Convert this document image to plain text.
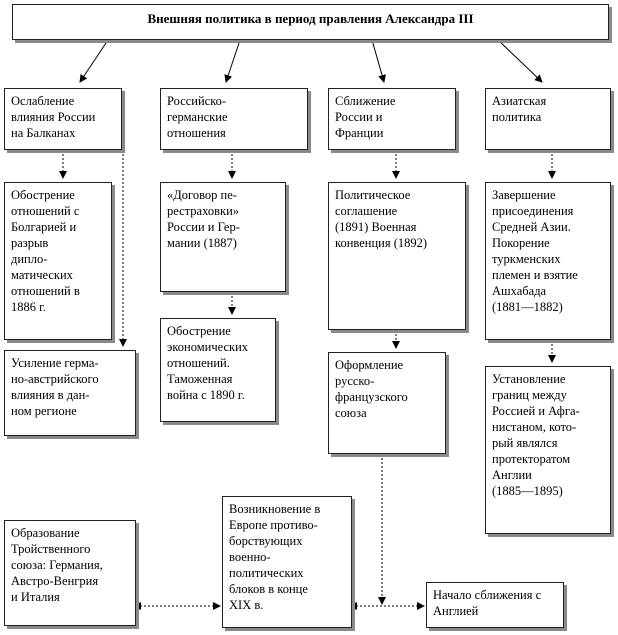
Внешняя политика в период правления Александра III
Ослабление
влияния России
на Балканах
Российско-
германские
отношения
Сближение
России и
Франции
Азиатская
политика
Обострение
отношений с
Болгарией и
разрыв
дипло-
матических
отношений в
1886 г.
«Договор пе-
рестраховки»
России и Гер-
мании (1887)
Политическое
соглашение
(1891) Военная
конвенция (1892)
Завершение
присоединения
Средней Азии.
Покорение
туркменских
племен и взятие
Ашхабада
(1881—1882)
Усиление герма-
но-австрийского
влияния в дан-
ном регионе
Обострение
экономических
отношений.
Таможенная
война с 1890 г.
Оформление
русско-
французского
союза
Установление
границ между
Россией и Афга-
нистаном, кото-
рый являлся
протекторатом
Англии
(1885—1895)
Образование
Тройственного
союза: Германия,
Австро-Венгрия
и Италия
Возникновение в
Европе противо-
борствующих
военно-
политических
блоков в конце
XIX в.
Начало сближения с
Англией
